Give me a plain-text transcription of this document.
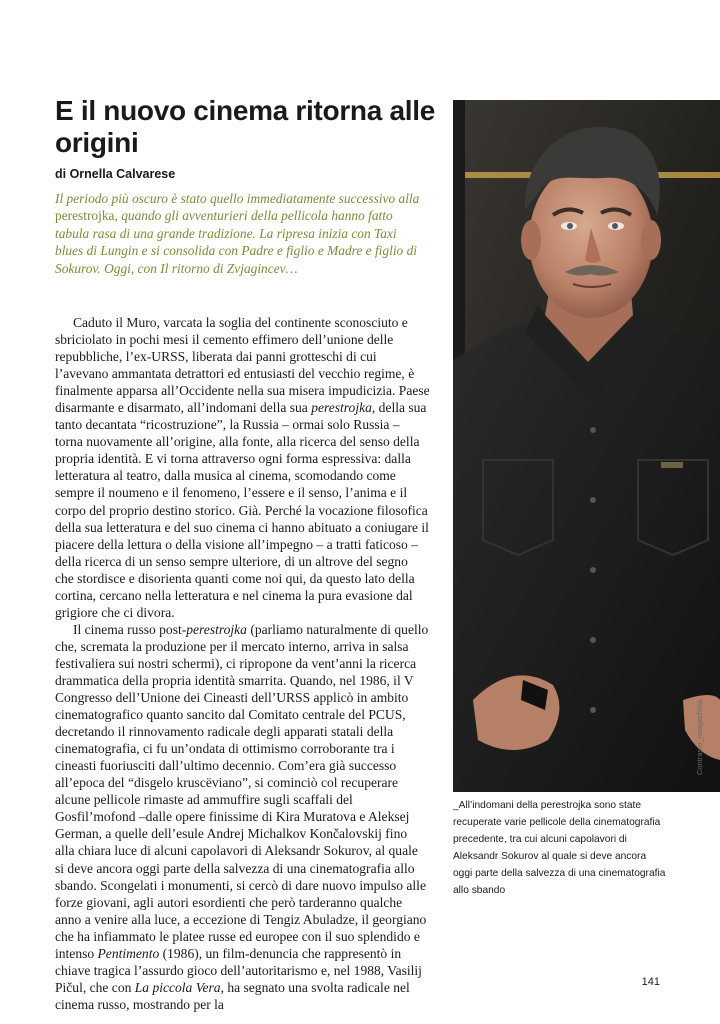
E il nuovo cinema ritorna alle origini
di Ornella Calvarese
Il periodo più oscuro è stato quello immediatamente successivo alla perestrojka, quando gli avventurieri della pellicola hanno fatto tabula rasa di una grande tradizione. La ripresa inizia con Taxi blues di Lungin e si consolida con Padre e figlio e Madre e figlio di Sokurov. Oggi, con Il ritorno di Zvjagincev…

Caduto il Muro, varcata la soglia del continente sconosciuto e sbriciolato in pochi mesi il cemento effimero dell’unione delle repubbliche, l’ex-URSS, liberata dai panni grotteschi di cui l’avevano ammantata detrattori ed entusiasti del vecchio regime, è finalmente apparsa all’Occidente nella sua misera impudicizia. Paese disarmante e disarmato, all’indomani della sua perestrojka, della sua tanto decantata “ricostruzione”, la Russia – ormai solo Russia – torna nuovamente all’origine, alla fonte, alla ricerca del senso della propria identità. E vi torna attraverso ogni forma espressiva: dalla letteratura al teatro, dalla musica al cinema, scomodando come sempre il noumeno e il fenomeno, l’essere e il senso, l’anima e il corpo del proprio destino storico. Già. Perché la vocazione filosofica della sua letteratura e del suo cinema ci hanno abituato a coniugare il piacere della lettura o della visione all’impegno – a tratti faticoso – della ricerca di un senso sempre ulteriore, di un altrove del segno che stordisce e disorienta quanti come noi qui, da questo lato della cortina, cercano nella letteratura e nel cinema la pura evasione dal grigiore che ci divora.

Il cinema russo post-perestrojka (parliamo naturalmente di quello che, scremata la produzione per il mercato interno, arriva in salsa festivaliera sui nostri schermi), ci ripropone da vent’anni la ricerca drammatica della propria identità smarrita. Quando, nel 1986, il V Congresso dell’Unione dei Cineasti dell’URSS applicò in ambito cinematografico quanto sancito dal Comitato centrale del PCUS, decretando il rinnovamento radicale degli apparati statali della cinematografia, ci fu un’ondata di ottimismo corroborante tra i cineasti fuoriusciti dall’ultimo decennio. Com’era già successo all’epoca del “disgelo kruscëviano”, si cominciò col recuperare alcune pellicole rimaste ad ammuffire sugli scaffali del Gosfil’mofond –dalle opere finissime di Kira Muratova e Aleksej German, a quelle dell’esule Andrej Michalkov Končalovskij fino alla chiara luce di alcuni capolavori di Aleksandr Sokurov, al quale si deve ancora oggi parte della salvezza di una cinematografia allo sbando. Scongelati i monumenti, si cercò di dare nuovo impulso alle forze giovani, agli autori esordienti che però tarderanno qualche anno a venire alla luce, a eccezione di Tengiz Abuladze, il georgiano che ha infiammato le platee russe ed europee con il suo splendido e intenso Pentimento (1986), un film-denuncia che rappresentò in chiave tragica l’assurdo gioco dell’autoritarismo e, nel 1988, Vasilij Pičul, che con La piccola Vera, ha segnato una svolta radicale nel cinema russo, mostrando per la

Contrasto_imagechina
_All’indomani della perestrojka sono state recuperate varie pellicole della cinematografia precedente, tra cui alcuni capolavori di Aleksandr Sokurov al quale si deve ancora oggi parte della salvezza di una cinematografia allo sbando
141
